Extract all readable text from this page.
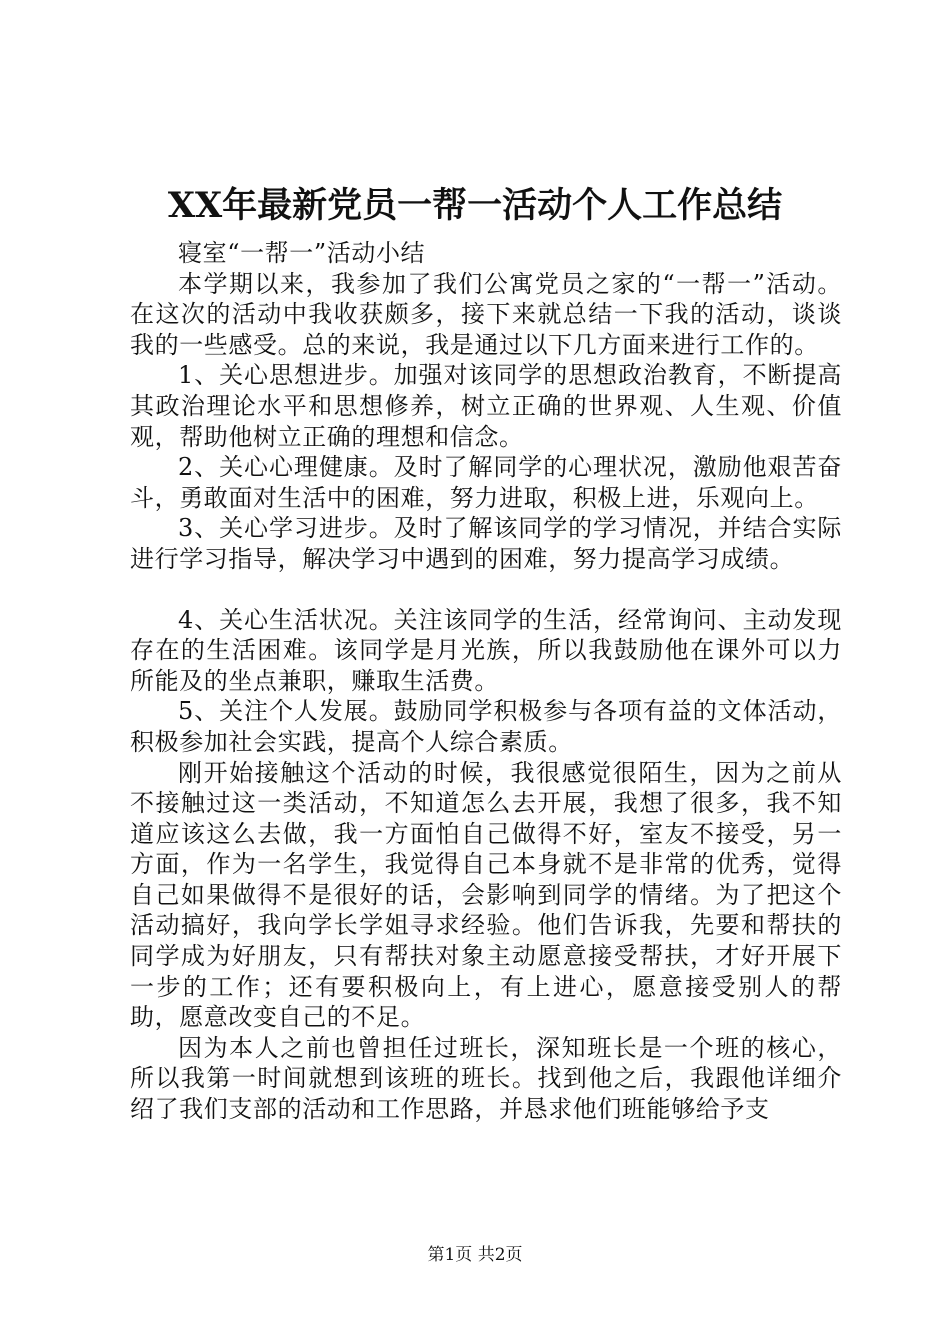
XX年最新党员一帮一活动个人工作总结

寝室“一帮一”活动小结

本学期以来，我参加了我们公寓党员之家的“一帮一”活动。在这次的活动中我收获颇多，接下来就总结一下我的活动，谈谈我的一些感受。总的来说，我是通过以下几方面来进行工作的。

1、关心思想进步。加强对该同学的思想政治教育，不断提高其政治理论水平和思想修养，树立正确的世界观、人生观、价值观，帮助他树立正确的理想和信念。

2、关心心理健康。及时了解同学的心理状况，激励他艰苦奋斗，勇敢面对生活中的困难，努力进取，积极上进，乐观向上。

3、关心学习进步。及时了解该同学的学习情况，并结合实际进行学习指导，解决学习中遇到的困难，努力提高学习成绩。

4、关心生活状况。关注该同学的生活，经常询问、主动发现存在的生活困难。该同学是月光族，所以我鼓励他在课外可以力所能及的坐点兼职，赚取生活费。

5、关注个人发展。鼓励同学积极参与各项有益的文体活动，积极参加社会实践，提高个人综合素质。

刚开始接触这个活动的时候，我很感觉很陌生，因为之前从不接触过这一类活动，不知道怎么去开展，我想了很多，我不知道应该这么去做，我一方面怕自己做得不好，室友不接受，另一方面，作为一名学生，我觉得自己本身就不是非常的优秀，觉得自己如果做得不是很好的话，会影响到同学的情绪。为了把这个活动搞好，我向学长学姐寻求经验。他们告诉我，先要和帮扶的同学成为好朋友，只有帮扶对象主动愿意接受帮扶，才好开展下一步的工作；还有要积极向上，有上进心，愿意接受别人的帮助，愿意改变自己的不足。

因为本人之前也曾担任过班长，深知班长是一个班的核心，所以我第一时间就想到该班的班长。找到他之后，我跟他详细介绍了我们支部的活动和工作思路，并恳求他们班能够给予支

第1页 共2页
